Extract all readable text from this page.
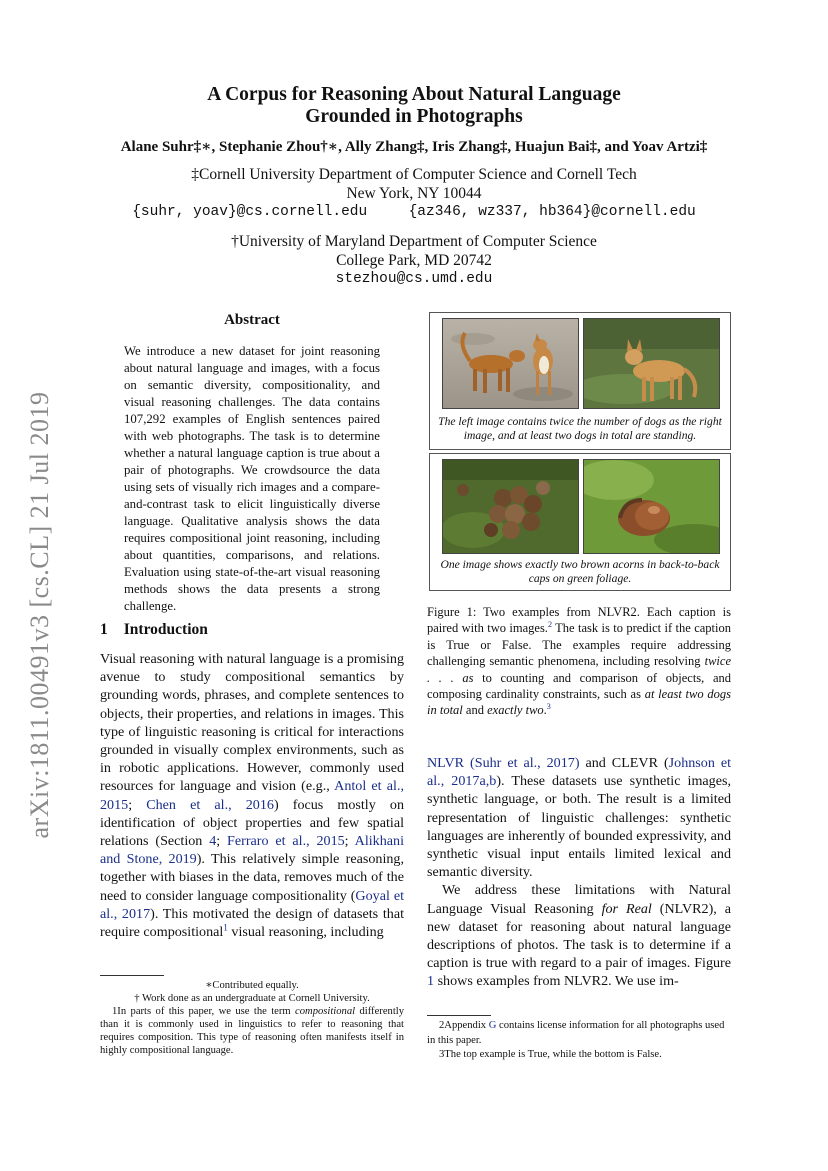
A Corpus for Reasoning About Natural Language
Grounded in Photographs
Alane Suhr‡∗, Stephanie Zhou†∗, Ally Zhang‡, Iris Zhang‡, Huajun Bai‡, and Yoav Artzi‡
‡Cornell University Department of Computer Science and Cornell Tech
New York, NY 10044
{suhr, yoav}@cs.cornell.edu	{az346, wz337, hb364}@cornell.edu
†University of Maryland Department of Computer Science
College Park, MD 20742
stezhou@cs.umd.edu
arXiv:1811.00491v3 [cs.CL] 21 Jul 2019
Abstract
We introduce a new dataset for joint reasoning about natural language and images, with a focus on semantic diversity, compositionality, and visual reasoning challenges. The data contains 107,292 examples of English sentences paired with web photographs. The task is to determine whether a natural language caption is true about a pair of photographs. We crowdsource the data using sets of visually rich images and a compare-and-contrast task to elicit linguistically diverse language. Qualitative analysis shows the data requires compositional joint reasoning, including about quantities, comparisons, and relations. Evaluation using state-of-the-art visual reasoning methods shows the data presents a strong challenge.
1 Introduction
Visual reasoning with natural language is a promising avenue to study compositional semantics by grounding words, phrases, and complete sentences to objects, their properties, and relations in images. This type of linguistic reasoning is critical for interactions grounded in visually complex environments, such as in robotic applications. However, commonly used resources for language and vision (e.g., Antol et al., 2015; Chen et al., 2016) focus mostly on identification of object properties and few spatial relations (Section 4; Ferraro et al., 2015; Alikhani and Stone, 2019). This relatively simple reasoning, together with biases in the data, removes much of the need to consider language compositionality (Goyal et al., 2017). This motivated the design of datasets that require compositional$^1$ visual reasoning, including

∗Contributed equally.

† Work done as an undergraduate at Cornell University.

1In parts of this paper, we use the term compositional differently than it is commonly used in linguistics to refer to reasoning that requires composition. This type of reasoning often manifests itself in highly compositional language.

The left image contains twice the number of dogs as the right image, and at least two dogs in total are standing.
One image shows exactly two brown acorns in back-to-back caps on green foliage.
Figure 1: Two examples from NLVR2. Each caption is paired with two images.$^2$ The task is to predict if the caption is True or False. The examples require addressing challenging semantic phenomena, including resolving twice . . . as to counting and comparison of objects, and composing cardinality constraints, such as at least two dogs in total and exactly two.$^3$

NLVR (Suhr et al., 2017) and CLEVR (Johnson et al., 2017a,b). These datasets use synthetic images, synthetic language, or both. The result is a limited representation of linguistic challenges: synthetic languages are inherently of bounded expressivity, and synthetic visual input entails limited lexical and semantic diversity.

We address these limitations with Natural Language Visual Reasoning for Real (NLVR2), a new dataset for reasoning about natural language descriptions of photos. The task is to determine if a caption is true with regard to a pair of images. Figure 1 shows examples from NLVR2. We use im-

2Appendix G contains license information for all photographs used in this paper.

3The top example is True, while the bottom is False.
